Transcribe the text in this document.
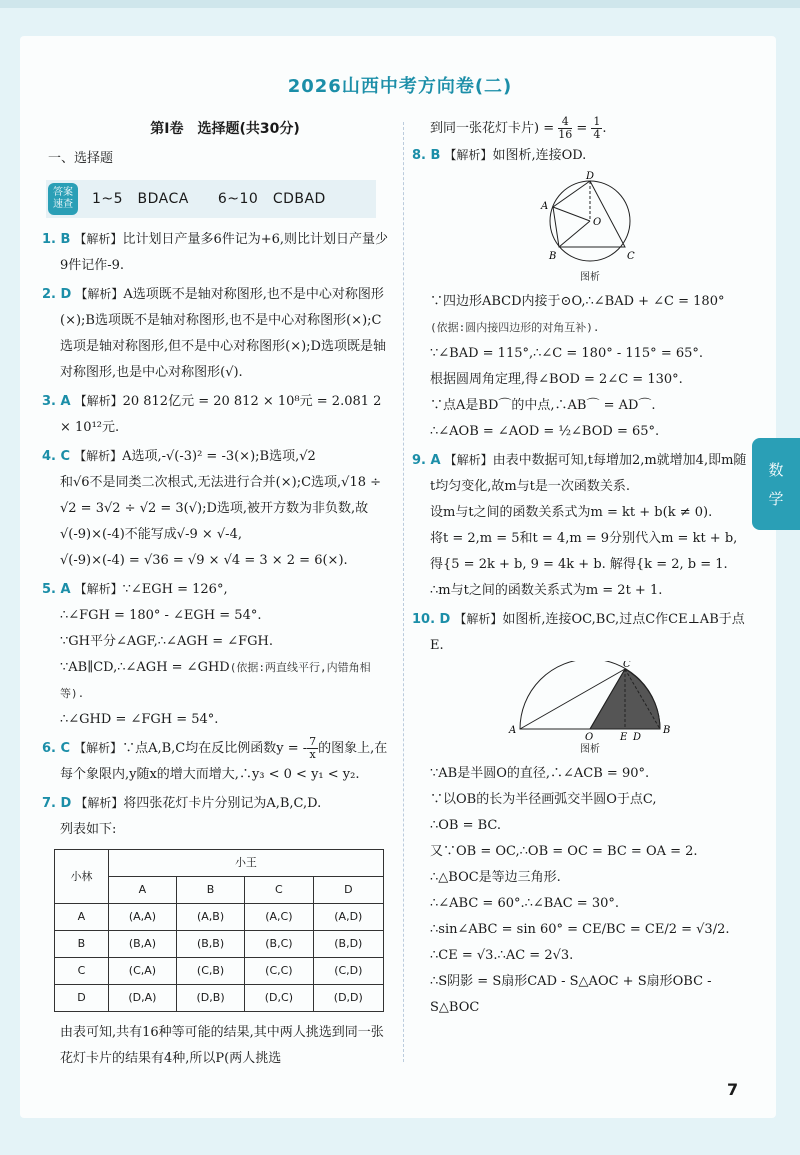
2026山西中考方向卷(二)
数
学
第Ⅰ卷　选择题(共30分)
一、选择题
答案
速查 1~5　BDACA　　6~10　CDBAD
1. B 【解析】比计划日产量多6件记为+6,则比计划日产量少9件记作-9.
2. D 【解析】A选项既不是轴对称图形,也不是中心对称图形(×);B选项既不是轴对称图形,也不是中心对称图形(×);C选项是轴对称图形,但不是中心对称图形(×);D选项既是轴对称图形,也是中心对称图形(√).
3. A 【解析】20 812亿元 = 20 812 × 10⁸元 = 2.081 2 × 10¹²元.
4. C 【解析】A选项,-√(-3)² = -3(×);B选项,√2
和√6不是同类二次根式,无法进行合并(×);C选项,√18 ÷ √2 = 3√2 ÷ √2 = 3(√);D选项,被开方数为非负数,故√(-9)×(-4)不能写成√-9 × √-4,
√(-9)×(-4) = √36 = √9 × √4 = 3 × 2 = 6(×).
5. A 【解析】∵∠EGH = 126°,
∴∠FGH = 180° - ∠EGH = 54°.
∵GH平分∠AGF,∴∠AGH = ∠FGH.
∵AB∥CD,∴∠AGH = ∠GHD(依据:两直线平行,内错角相等).
∴∠GHD = ∠FGH = 54°.
6. C 【解析】∵点A,B,C均在反比例函数y = - $\frac{7}{x}$ 的图象上,在每个象限内,y随x的增大而增大,∴y₃ < 0 < y₁ < y₂.
7. D 【解析】将四张花灯卡片分别记为A,B,C,D.
列表如下:
小林	小王			
	A	B	C	D
A	(A,A)	(A,B)	(A,C)	(A,D)
B	(B,A)	(B,B)	(B,C)	(B,D)
C	(C,A)	(C,B)	(C,C)	(C,D)
D	(D,A)	(D,B)	(D,C)	(D,D)
由表可知,共有16种等可能的结果,其中两人挑选到同一张花灯卡片的结果有4种,所以P(两人挑选
到同一张花灯卡片) = $\frac{4}{16} = \frac{1}{4}$ .
8. B 【解析】如图析,连接OD.
D
A
O
B	C
图析
∵四边形ABCD内接于⊙O,∴∠BAD + ∠C = 180°
(依据:圆内接四边形的对角互补).
∵∠BAD = 115°,∴∠C = 180° - 115° = 65°.
根据圆周角定理,得∠BOD = 2∠C = 130°.
∵点A是BD⌒的中点,∴AB⌒ = AD⌒.
∴∠AOB = ∠AOD = ½∠BOD = 65°.
9. A 【解析】由表中数据可知,t每增加2,m就增加4,即m随t均匀变化,故m与t是一次函数关系.
设m与t之间的函数关系式为m = kt + b(k ≠ 0).
将t = 2,m = 5和t = 4,m = 9分别代入m = kt + b,
得{5 = 2k + b, 9 = 4k + b. 解得{k = 2, b = 1.
∴m与t之间的函数关系式为m = 2t + 1.
10. D 【解析】如图析,连接OC,BC,过点C作CE⊥AB于点E.
C
A
O	E D
B
图析
∵AB是半圆O的直径,∴∠ACB = 90°.
∵以OB的长为半径画弧交半圆O于点C,
∴OB = BC.
又∵OB = OC,∴OB = OC = BC = OA = 2.
∴△BOC是等边三角形.
∴∠ABC = 60°.∴∠BAC = 30°.
∴sin∠ABC = sin 60° = CE/BC = CE/2 = √3/2.
∴CE = √3.∴AC = 2√3.
∴S阴影 = S扇形CAD - S△AOC + S扇形OBC - S△BOC
7
